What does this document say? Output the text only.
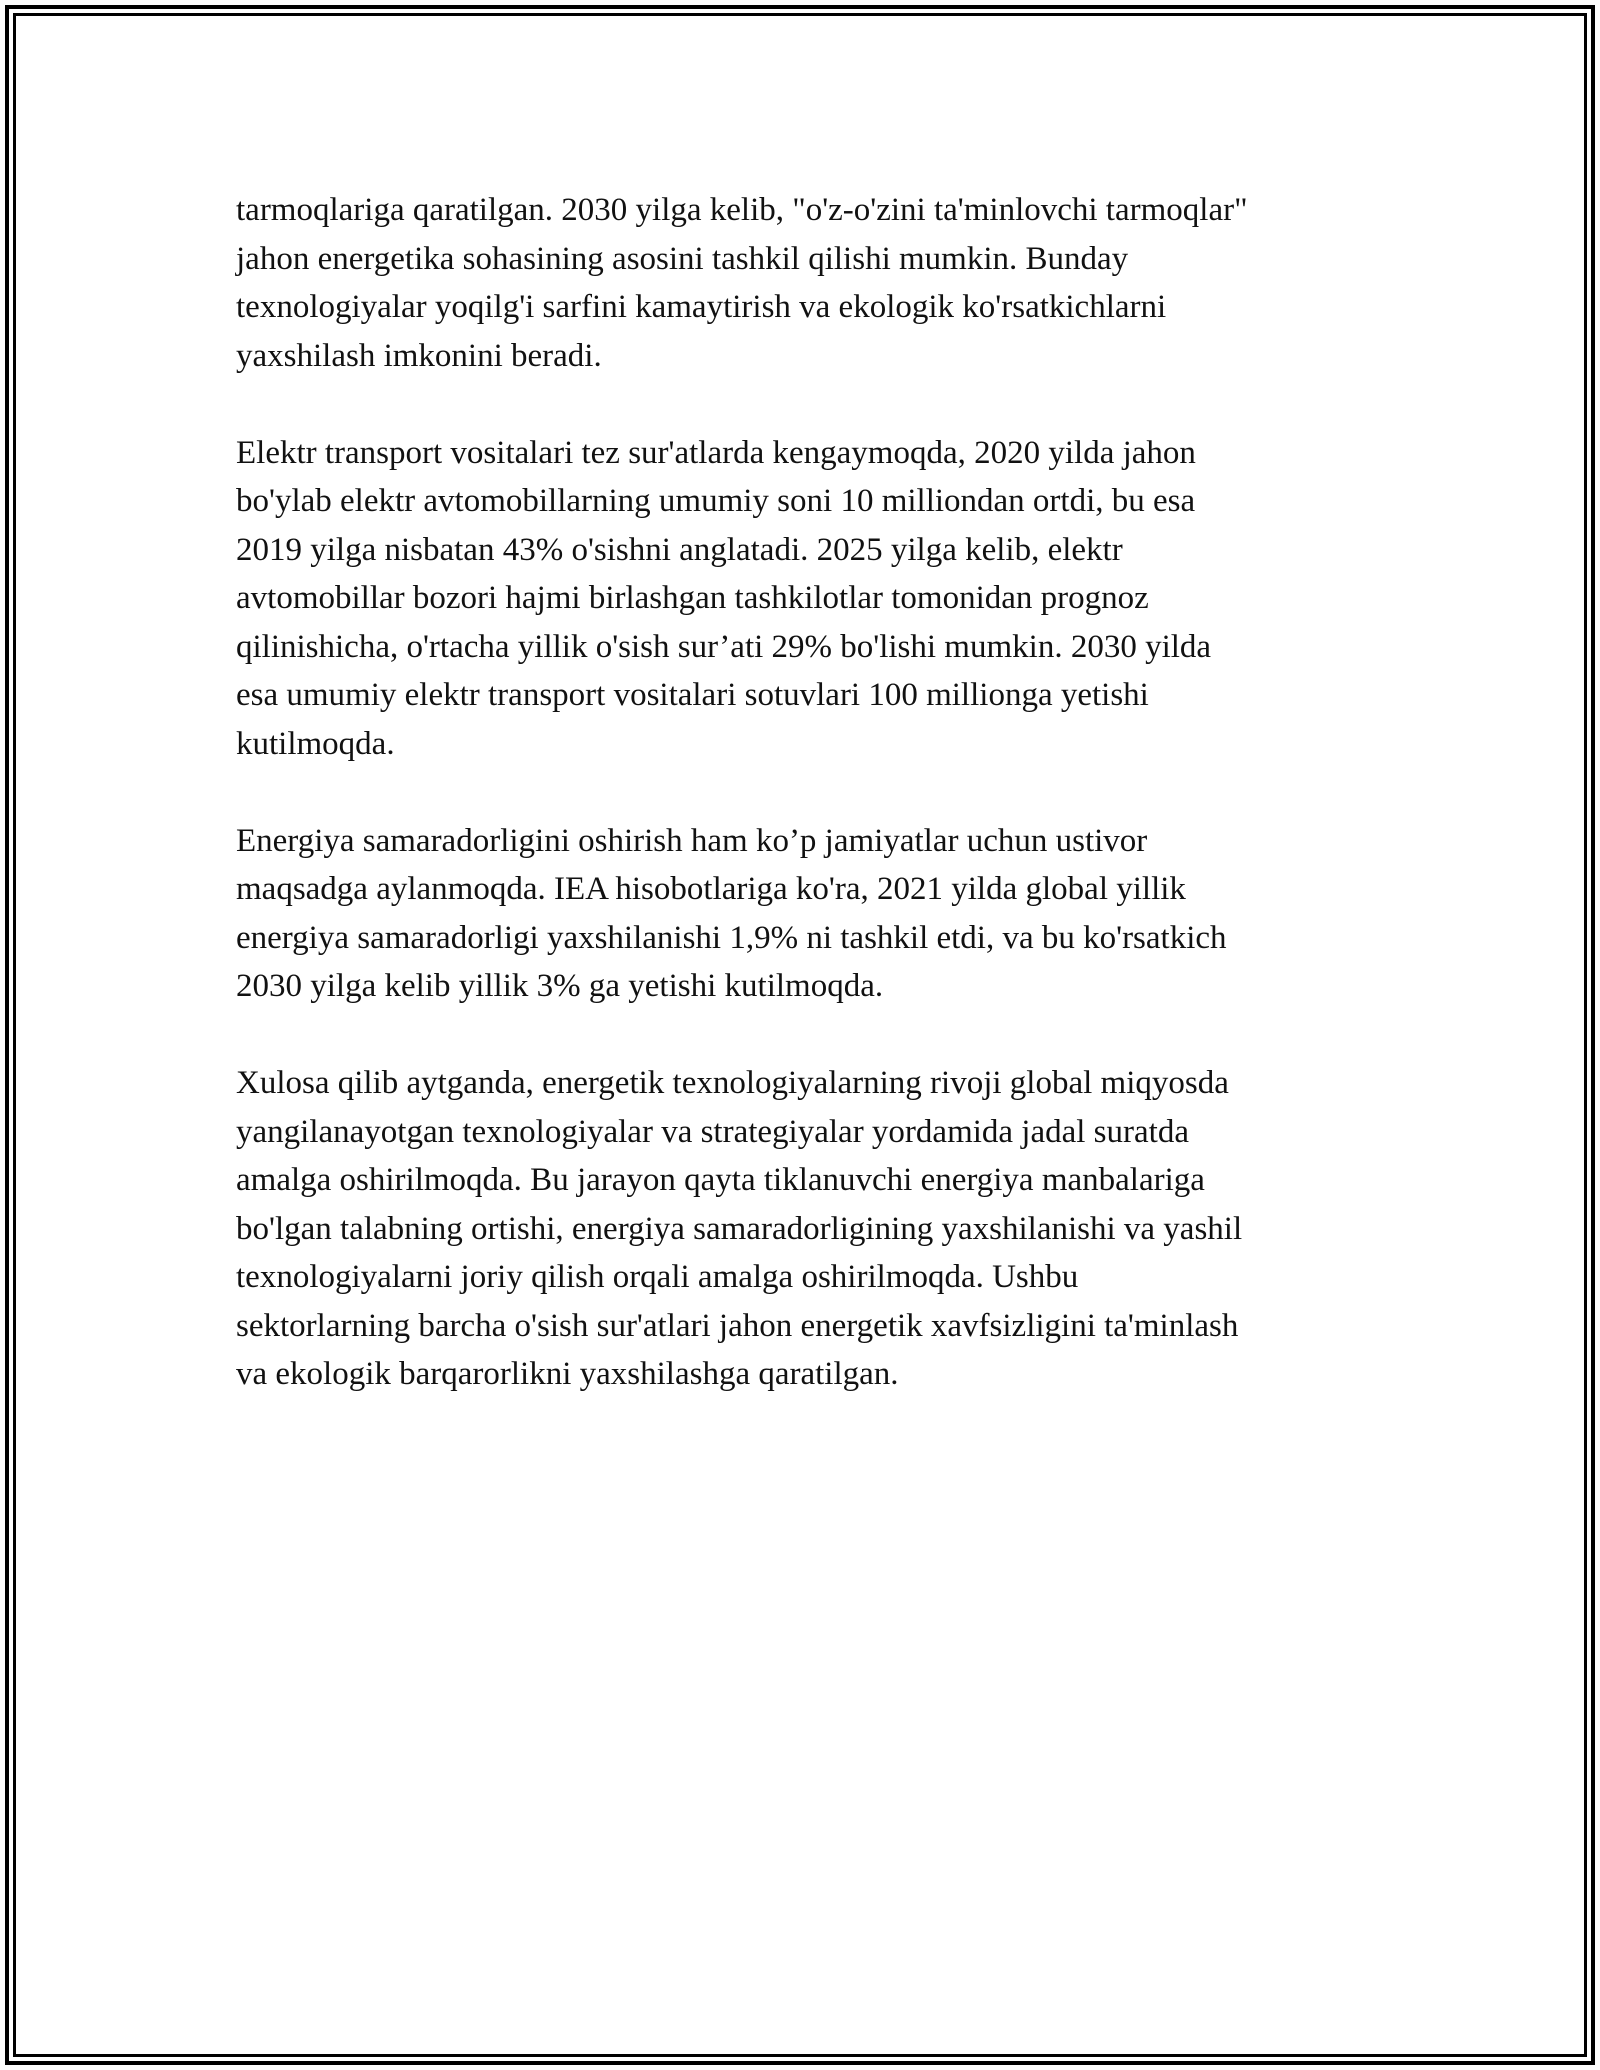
tarmoqlariga qaratilgan. 2030 yilga kelib, "o'z-o'zini ta'minlovchi tarmoqlar"
jahon energetika sohasining asosini tashkil qilishi mumkin. Bunday
texnologiyalar yoqilg'i sarfini kamaytirish va ekologik ko'rsatkichlarni
yaxshilash imkonini beradi.

Elektr transport vositalari tez sur'atlarda kengaymoqda, 2020 yilda jahon
bo'ylab elektr avtomobillarning umumiy soni 10 milliondan ortdi, bu esa
2019 yilga nisbatan 43% o'sishni anglatadi. 2025 yilga kelib, elektr
avtomobillar bozori hajmi birlashgan tashkilotlar tomonidan prognoz
qilinishicha, o'rtacha yillik o'sish sur’ati 29% bo'lishi mumkin. 2030 yilda
esa umumiy elektr transport vositalari sotuvlari 100 millionga yetishi
kutilmoqda.

Energiya samaradorligini oshirish ham ko’p jamiyatlar uchun ustivor
maqsadga aylanmoqda. IEA hisobotlariga ko'ra, 2021 yilda global yillik
energiya samaradorligi yaxshilanishi 1,9% ni tashkil etdi, va bu ko'rsatkich
2030 yilga kelib yillik 3% ga yetishi kutilmoqda.

Xulosa qilib aytganda, energetik texnologiyalarning rivoji global miqyosda
yangilanayotgan texnologiyalar va strategiyalar yordamida jadal suratda
amalga oshirilmoqda. Bu jarayon qayta tiklanuvchi energiya manbalariga
bo'lgan talabning ortishi, energiya samaradorligining yaxshilanishi va yashil
texnologiyalarni joriy qilish orqali amalga oshirilmoqda. Ushbu
sektorlarning barcha o'sish sur'atlari jahon energetik xavfsizligini ta'minlash
va ekologik barqarorlikni yaxshilashga qaratilgan.
